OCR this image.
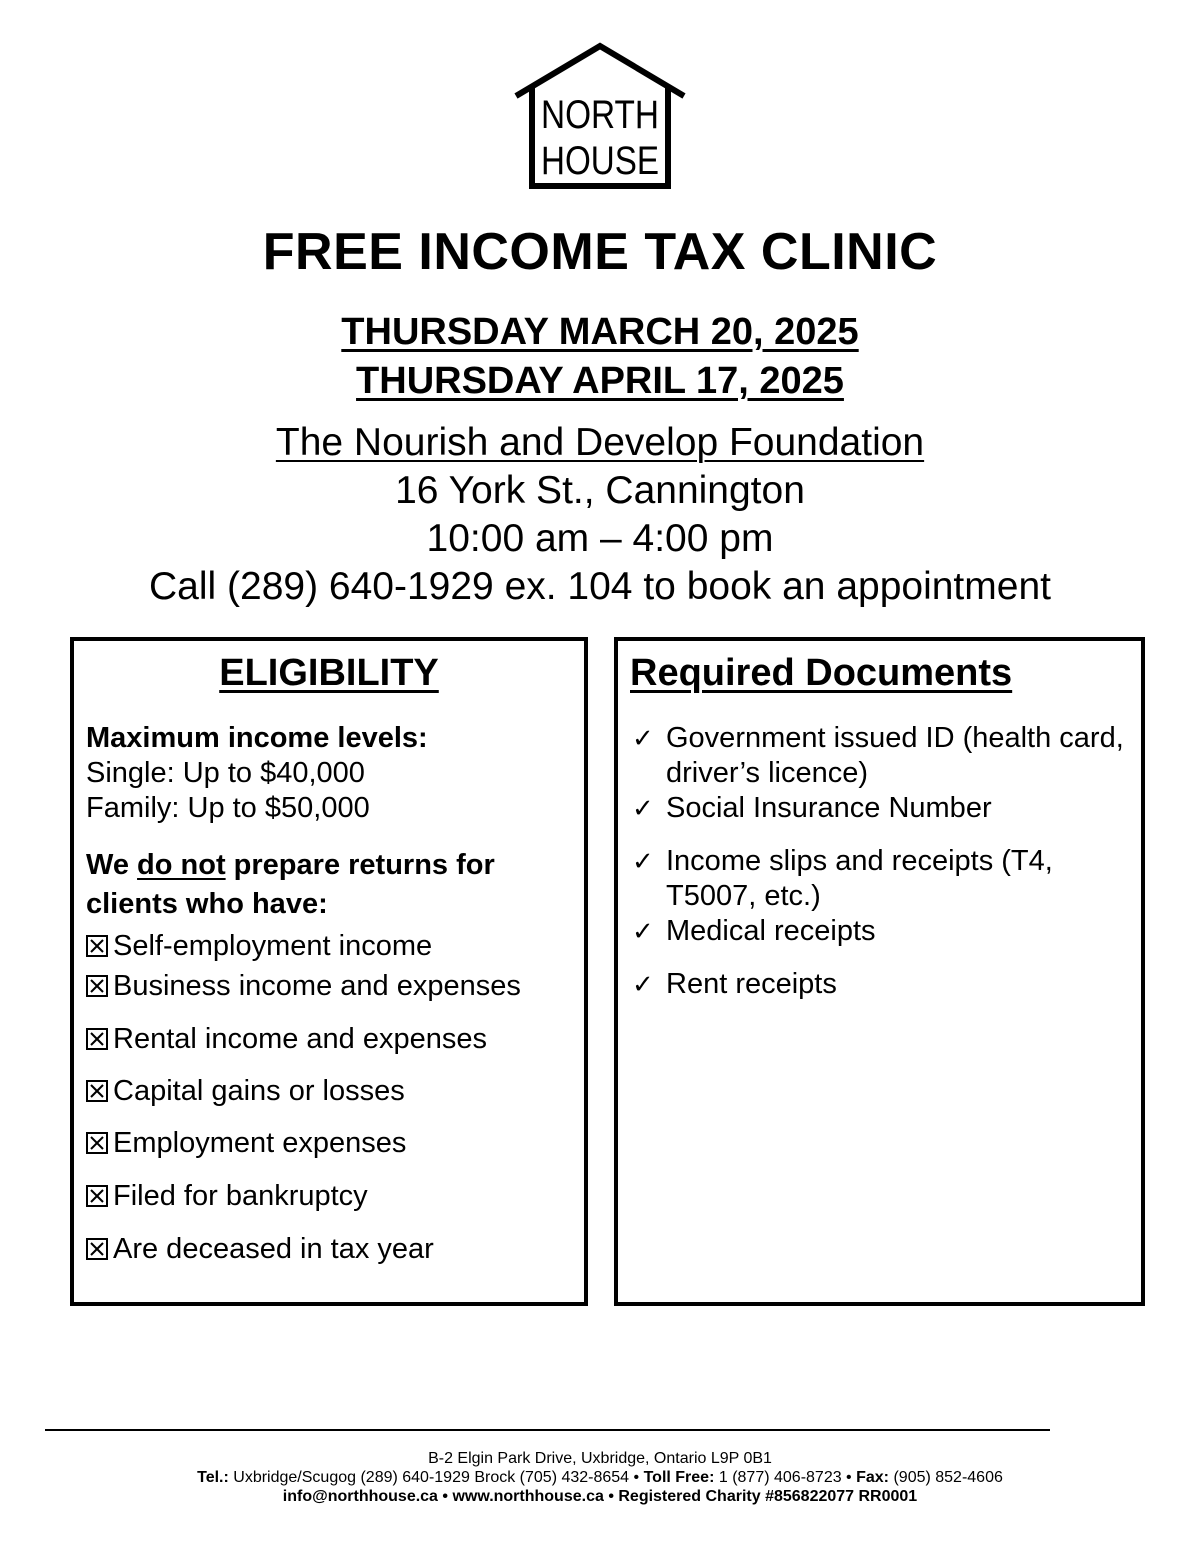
NORTH
HOUSE
FREE INCOME TAX CLINIC
THURSDAY MARCH 20, 2025
THURSDAY APRIL 17, 2025
The Nourish and Develop Foundation
16 York St., Cannington
10:00 am – 4:00 pm
Call (289) 640-1929 ex. 104 to book an appointment
ELIGIBILITY
Maximum income levels:
Single: Up to $40,000
Family: Up to $50,000
We do not prepare returns for
clients who have:
Self-employment income
Business income and expenses
Rental income and expenses
Capital gains or losses
Employment expenses
Filed for bankruptcy
Are deceased in tax year
Required Documents
✓ Government issued ID (health card, driver’s licence)
✓ Social Insurance Number
✓ Income slips and receipts (T4, T5007, etc.)
✓ Medical receipts
✓ Rent receipts
B-2 Elgin Park Drive, Uxbridge, Ontario L9P 0B1
Tel.: Uxbridge/Scugog (289) 640-1929 Brock (705) 432-8654 • Toll Free: 1 (877) 406-8723 • Fax: (905) 852-4606
info@northhouse.ca • www.northhouse.ca • Registered Charity #856822077 RR0001
